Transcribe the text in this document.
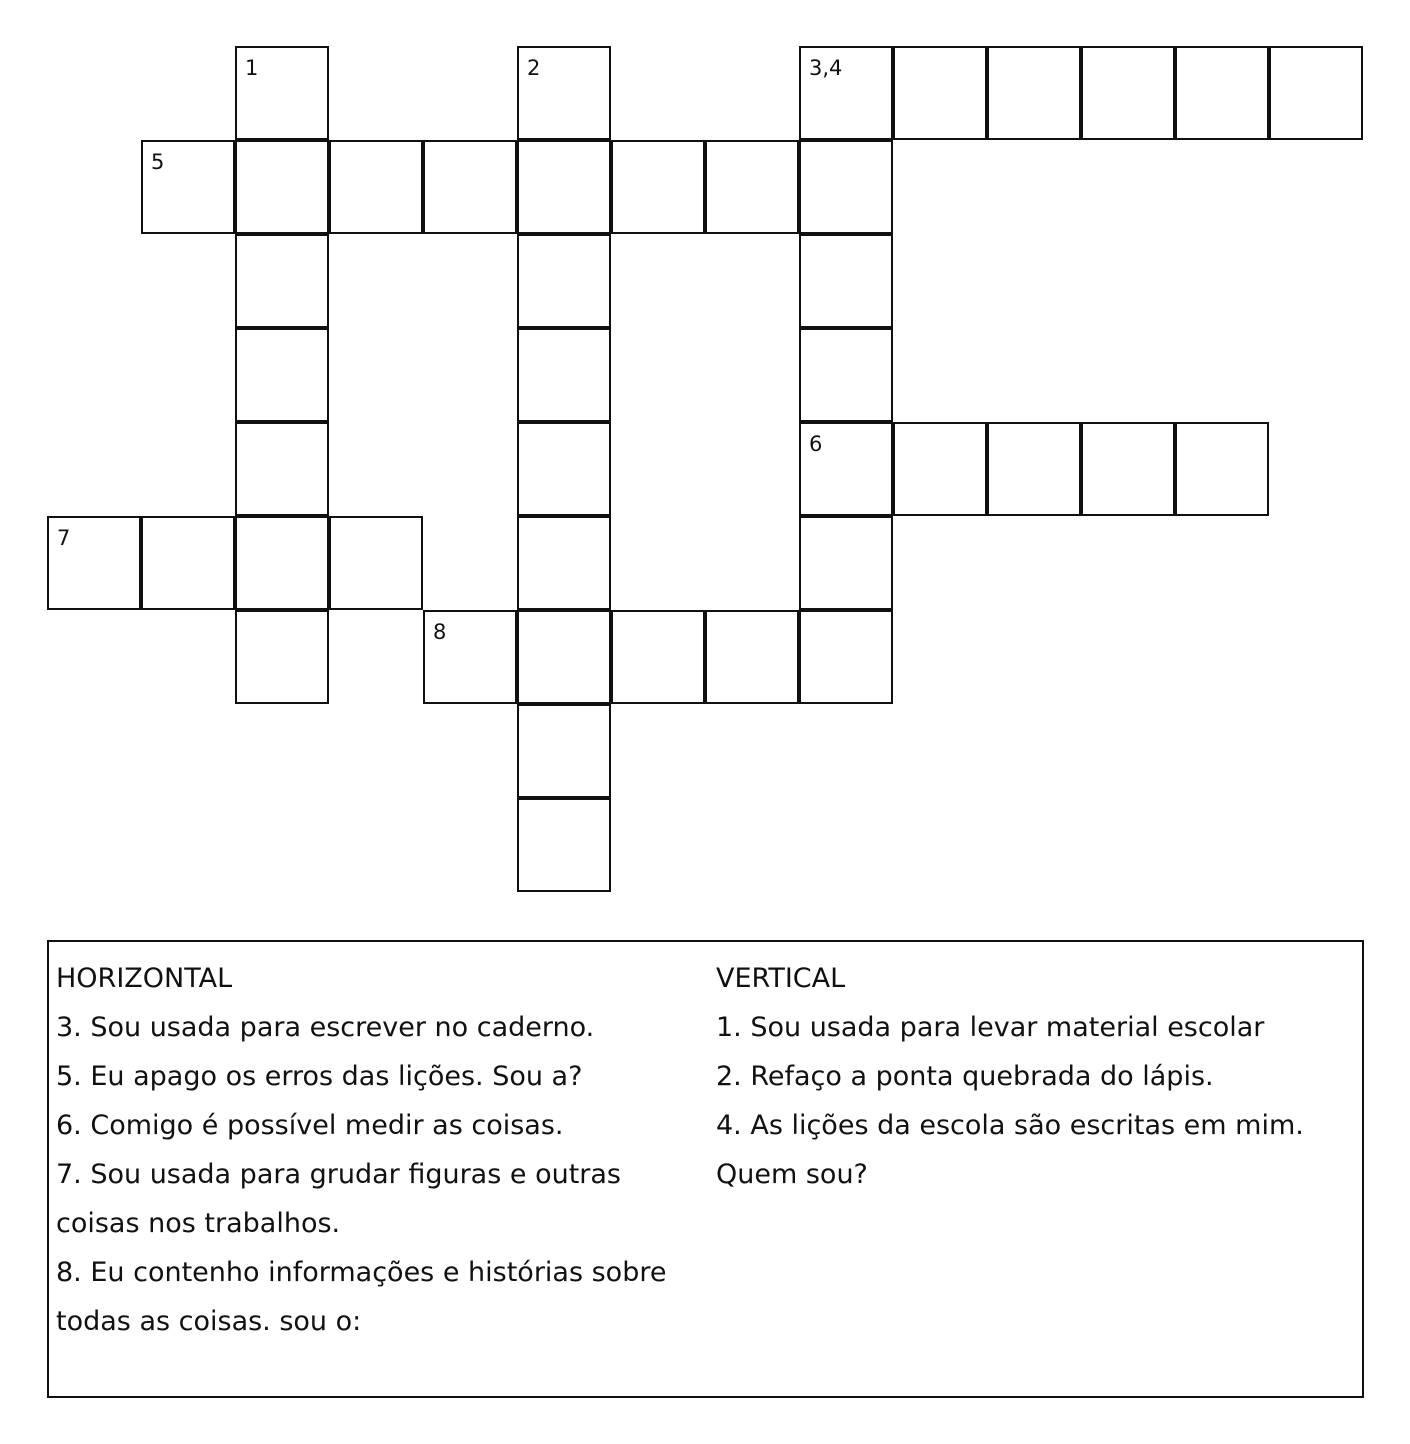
1	2	3,4
5
6
7
8
HORIZONTAL
3. Sou usada para escrever no caderno.
5. Eu apago os erros das lições. Sou a?
6. Comigo é possível medir as coisas.
7. Sou usada para grudar figuras e outras
coisas nos trabalhos.
8. Eu contenho informações e histórias sobre
todas as coisas. sou o:
VERTICAL
1. Sou usada para levar material escolar
2. Refaço a ponta quebrada do lápis.
4. As lições da escola são escritas em mim.
Quem sou?
